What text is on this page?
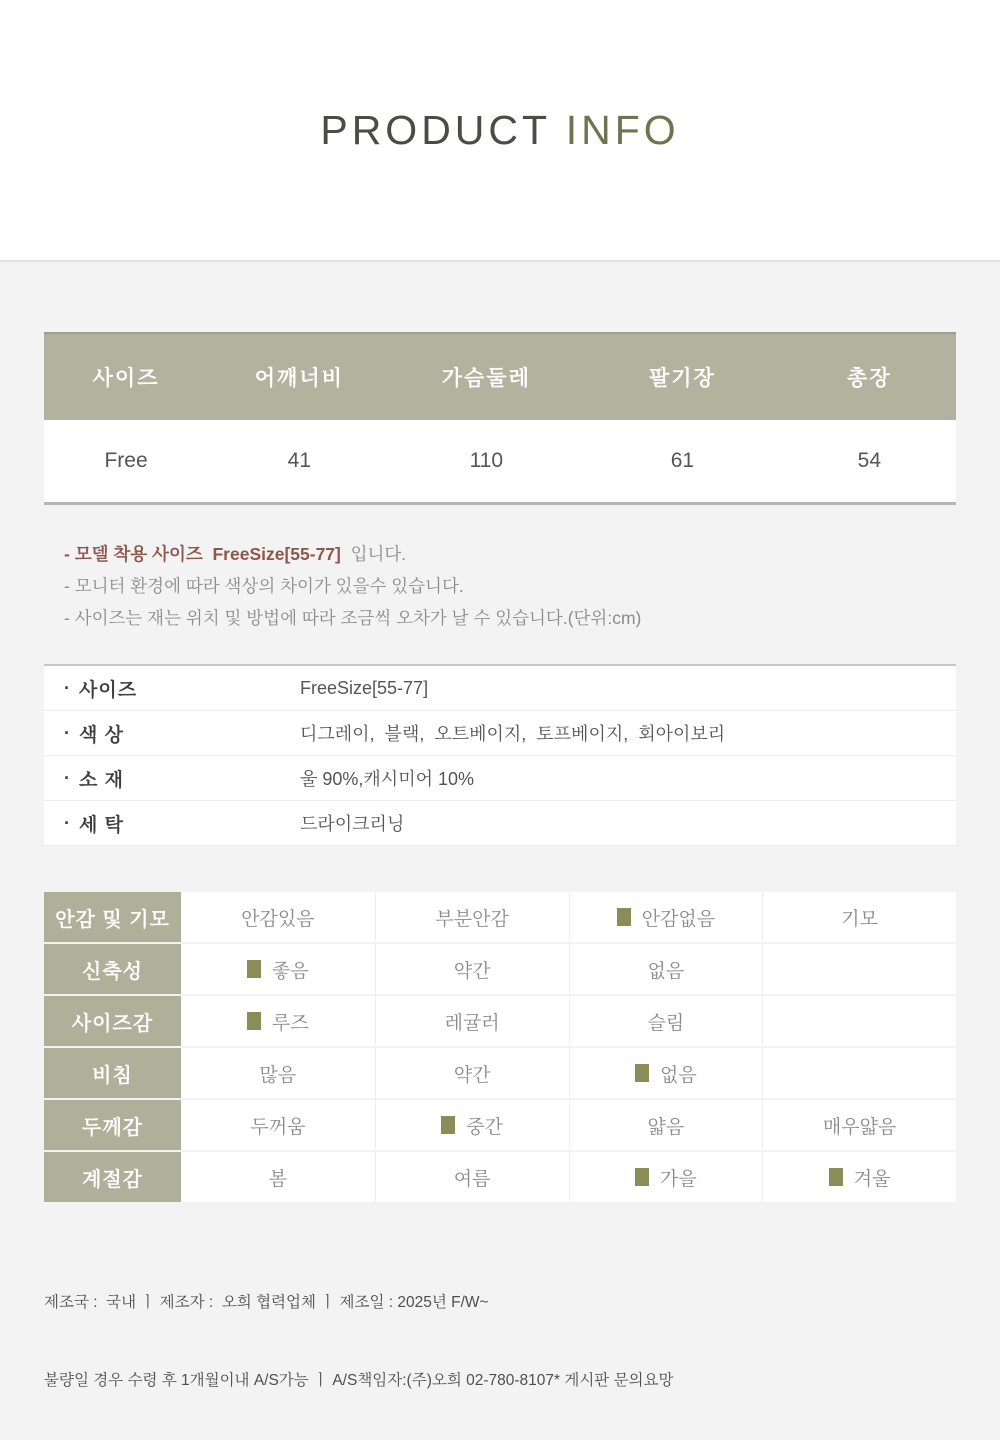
PRODUCT INFO
사이즈	어깨너비	가슴둘레	팔기장	총장
Free	41	110	61	54
- 모델 착용 사이즈  FreeSize[55-77]  입니다.
- 모니터 환경에 따라 색상의 차이가 있을수 있습니다.
- 사이즈는 재는 위치 및 방법에 따라 조금씩 오차가 날 수 있습니다.(단위:cm)
· 사이즈	FreeSize[55-77]
· 색 상	디그레이,  블랙,  오트베이지,  토프베이지,  회아이보리
· 소 재	울 90%,캐시미어 10%
· 세 탁	드라이크리닝
안감 및 기모	안감있음	부분안감	안감없음	기모
신축성	좋음	약간	없음
사이즈감	루즈	레귤러	슬림
비침	많음	약간	없음
두께감	두꺼움	중간	얇음	매우얇음
계절감	봄	여름	가을	겨울

제조국 :  국내 ㅣ 제조자 :  오희 협력업체 ㅣ 제조일 : 2025년 F/W~

불량일 경우 수령 후 1개월이내 A/S가능 ㅣ A/S책임자:(주)오희 02-780-8107* 게시판 문의요망
